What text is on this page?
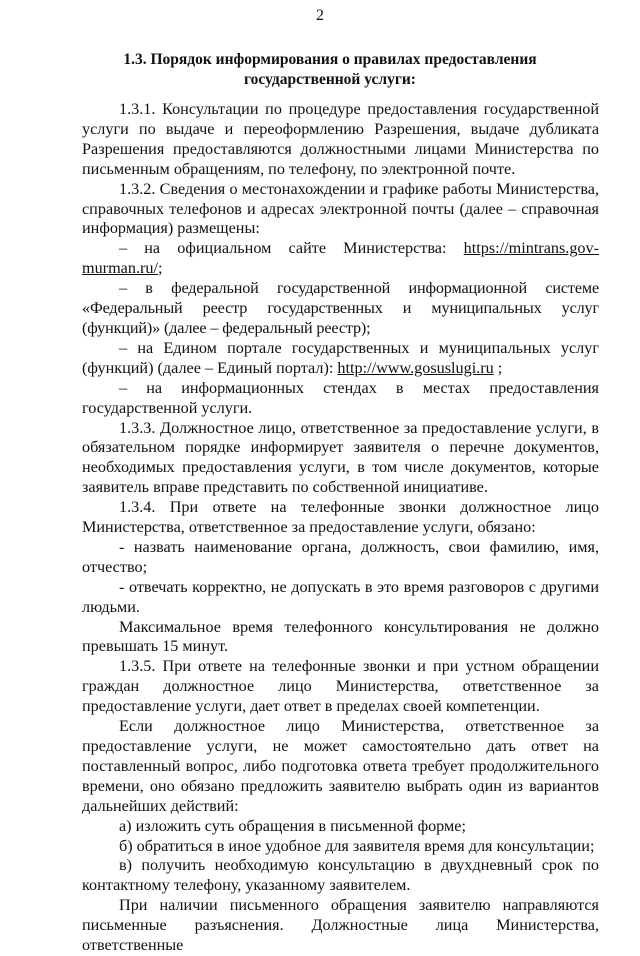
2
1.3. Порядок информирования о правилах предоставления
государственной услуги:

1.3.1. Консультации по процедуре предоставления государственной услуги по выдаче и переоформлению Разрешения, выдаче дубликата Разрешения предоставляются должностными лицами Министерства по письменным обращениям, по телефону, по электронной почте.

1.3.2. Сведения о местонахождении и графике работы Министерства, справочных телефонов и адресах электронной почты (далее – справочная информация) размещены:

– на официальном сайте Министерства: https://mintrans.gov-murman.ru/;

– в федеральной государственной информационной системе «Федеральный реестр государственных и муниципальных услуг (функций)» (далее – федеральный реестр);

– на Едином портале государственных и муниципальных услуг (функций) (далее – Единый портал): http://www.gosuslugi.ru ;

– на информационных стендах в местах предоставления государственной услуги.

1.3.3. Должностное лицо, ответственное за предоставление услуги, в обязательном порядке информирует заявителя о перечне документов, необходимых предоставления услуги, в том числе документов, которые заявитель вправе представить по собственной инициативе.

1.3.4. При ответе на телефонные звонки должностное лицо Министерства, ответственное за предоставление услуги, обязано:

- назвать наименование органа, должность, свои фамилию, имя, отчество;

- отвечать корректно, не допускать в это время разговоров с другими людьми.

Максимальное время телефонного консультирования не должно превышать 15 минут.

1.3.5. При ответе на телефонные звонки и при устном обращении граждан должностное лицо Министерства, ответственное за предоставление услуги, дает ответ в пределах своей компетенции.

Если должностное лицо Министерства, ответственное за предоставление услуги, не может самостоятельно дать ответ на поставленный вопрос, либо подготовка ответа требует продолжительного времени, оно обязано предложить заявителю выбрать один из вариантов дальнейших действий:

а) изложить суть обращения в письменной форме;

б) обратиться в иное удобное для заявителя время для консультации;

в) получить необходимую консультацию в двухдневный срок по контактному телефону, указанному заявителем.

При наличии письменного обращения заявителю направляются письменные разъяснения. Должностные лица Министерства, ответственные
